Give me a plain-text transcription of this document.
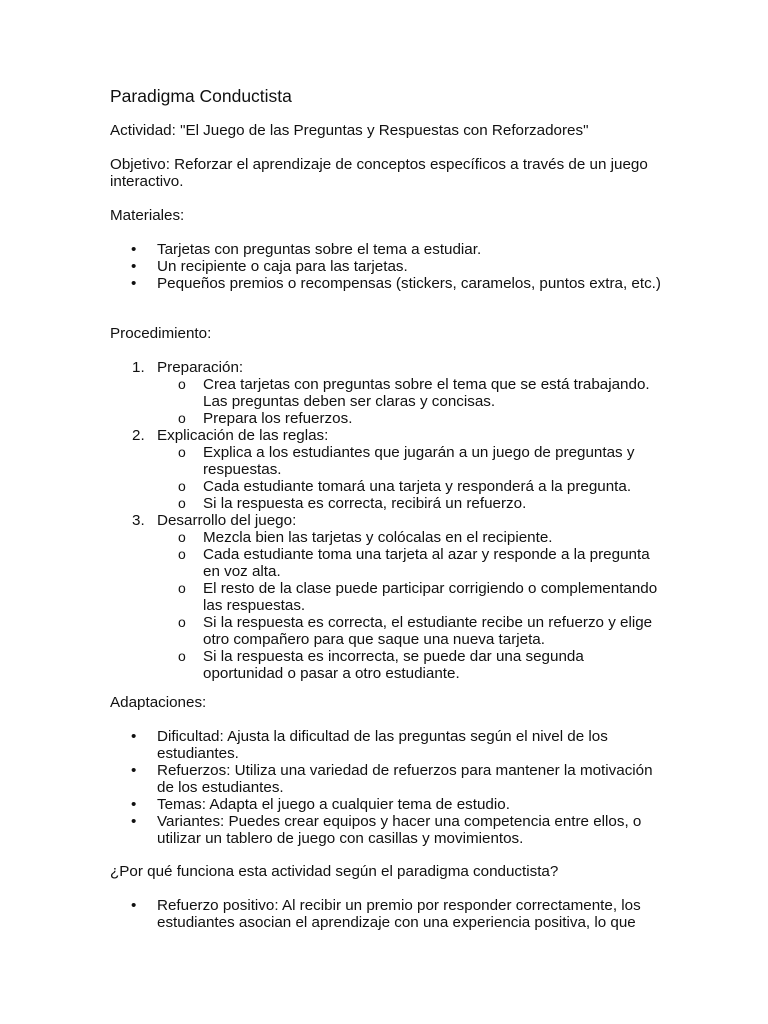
Paradigma Conductista
Actividad: "El Juego de las Preguntas y Respuestas con Reforzadores"
Objetivo: Reforzar el aprendizaje de conceptos específicos a través de un juego interactivo.
Materiales:
• Tarjetas con preguntas sobre el tema a estudiar.
• Un recipiente o caja para las tarjetas.
• Pequeños premios o recompensas (stickers, caramelos, puntos extra, etc.)
Procedimiento:
1. Preparación:
o Crea tarjetas con preguntas sobre el tema que se está trabajando. Las preguntas deben ser claras y concisas.
o Prepara los refuerzos.
2. Explicación de las reglas:
o Explica a los estudiantes que jugarán a un juego de preguntas y respuestas.
o Cada estudiante tomará una tarjeta y responderá a la pregunta.
o Si la respuesta es correcta, recibirá un refuerzo.
3. Desarrollo del juego:
o Mezcla bien las tarjetas y colócalas en el recipiente.
o Cada estudiante toma una tarjeta al azar y responde a la pregunta en voz alta.
o El resto de la clase puede participar corrigiendo o complementando las respuestas.
o Si la respuesta es correcta, el estudiante recibe un refuerzo y elige otro compañero para que saque una nueva tarjeta.
o Si la respuesta es incorrecta, se puede dar una segunda oportunidad o pasar a otro estudiante.
Adaptaciones:
• Dificultad: Ajusta la dificultad de las preguntas según el nivel de los estudiantes.
• Refuerzos: Utiliza una variedad de refuerzos para mantener la motivación de los estudiantes.
• Temas: Adapta el juego a cualquier tema de estudio.
• Variantes: Puedes crear equipos y hacer una competencia entre ellos, o utilizar un tablero de juego con casillas y movimientos.
¿Por qué funciona esta actividad según el paradigma conductista?
• Refuerzo positivo: Al recibir un premio por responder correctamente, los estudiantes asocian el aprendizaje con una experiencia positiva, lo que
